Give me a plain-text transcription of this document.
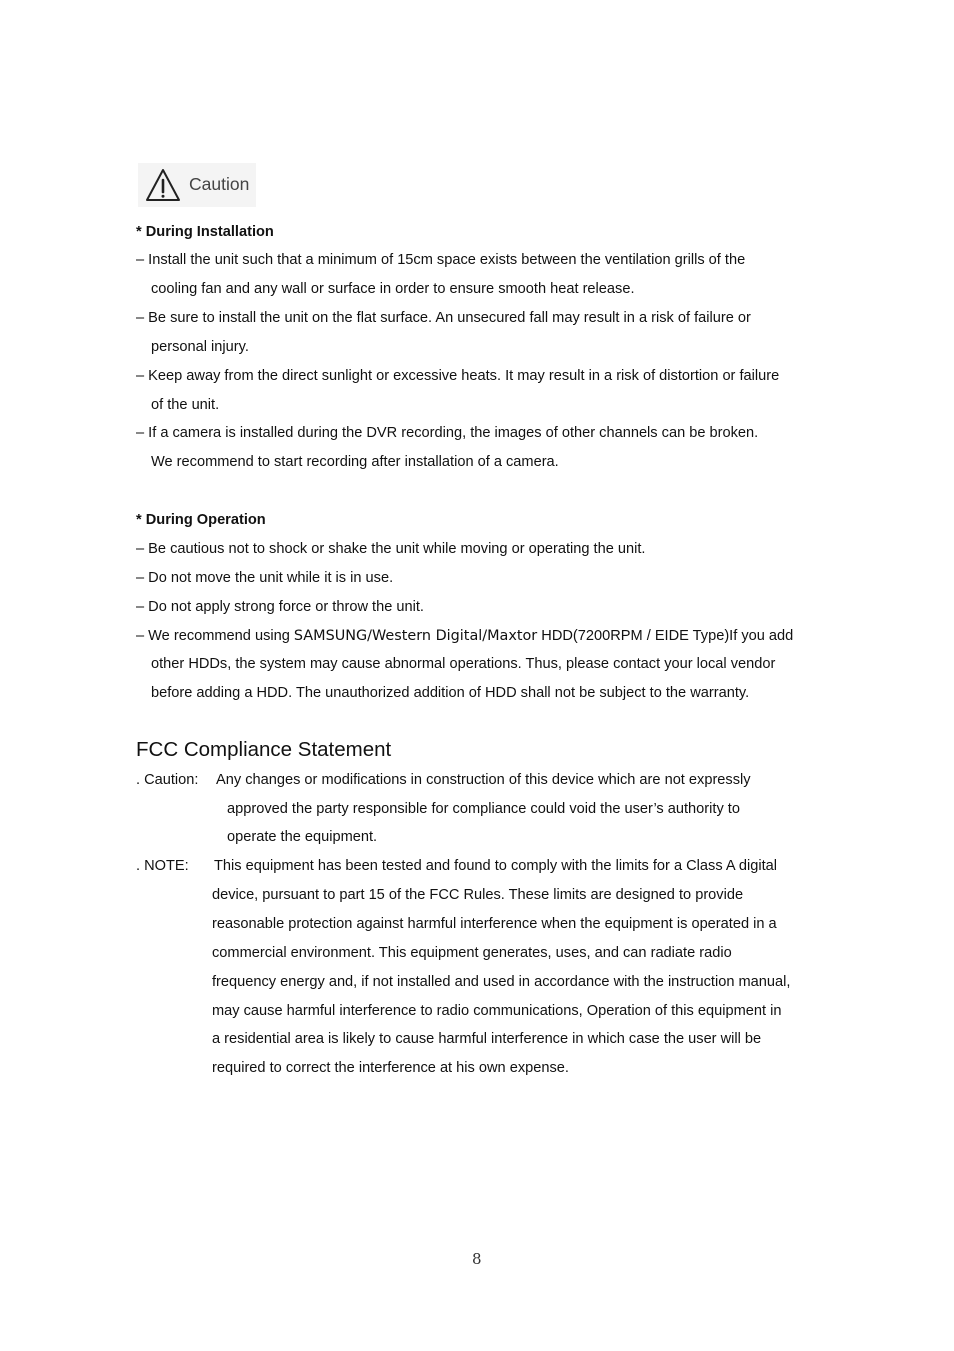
Caution
* During Installation
– Install the unit such that a minimum of 15cm space exists between the ventilation grills of the
cooling fan and any wall or surface in order to ensure smooth heat release.
– Be sure to install the unit on the flat surface. An unsecured fall may result in a risk of failure or
personal injury.
– Keep away from the direct sunlight or excessive heats. It may result in a risk of distortion or failure
of the unit.
– If a camera is installed during the DVR recording, the images of other channels can be broken.
We recommend to start recording after installation of a camera.
* During Operation
– Be cautious not to shock or shake the unit while moving or operating the unit.
– Do not move the unit while it is in use.
– Do not apply strong force or throw the unit.
– We recommend using SAMSUNG/Western Digital/Maxtor HDD(7200RPM / EIDE Type)If you add
other HDDs, the system may cause abnormal operations. Thus, please contact your local vendor
before adding a HDD. The unauthorized addition of HDD shall not be subject to the warranty.
FCC Compliance Statement
. Caution: Any changes or modifications in construction of this device which are not expressly
approved the party responsible for compliance could void the user’s authority to
operate the equipment.
. NOTE: This equipment has been tested and found to comply with the limits for a Class A digital
device, pursuant to part 15 of the FCC Rules. These limits are designed to provide
reasonable protection against harmful interference when the equipment is operated in a
commercial environment. This equipment generates, uses, and can radiate radio
frequency energy and, if not installed and used in accordance with the instruction manual,
may cause harmful interference to radio communications, Operation of this equipment in
a residential area is likely to cause harmful interference in which case the user will be
required to correct the interference at his own expense.
8
